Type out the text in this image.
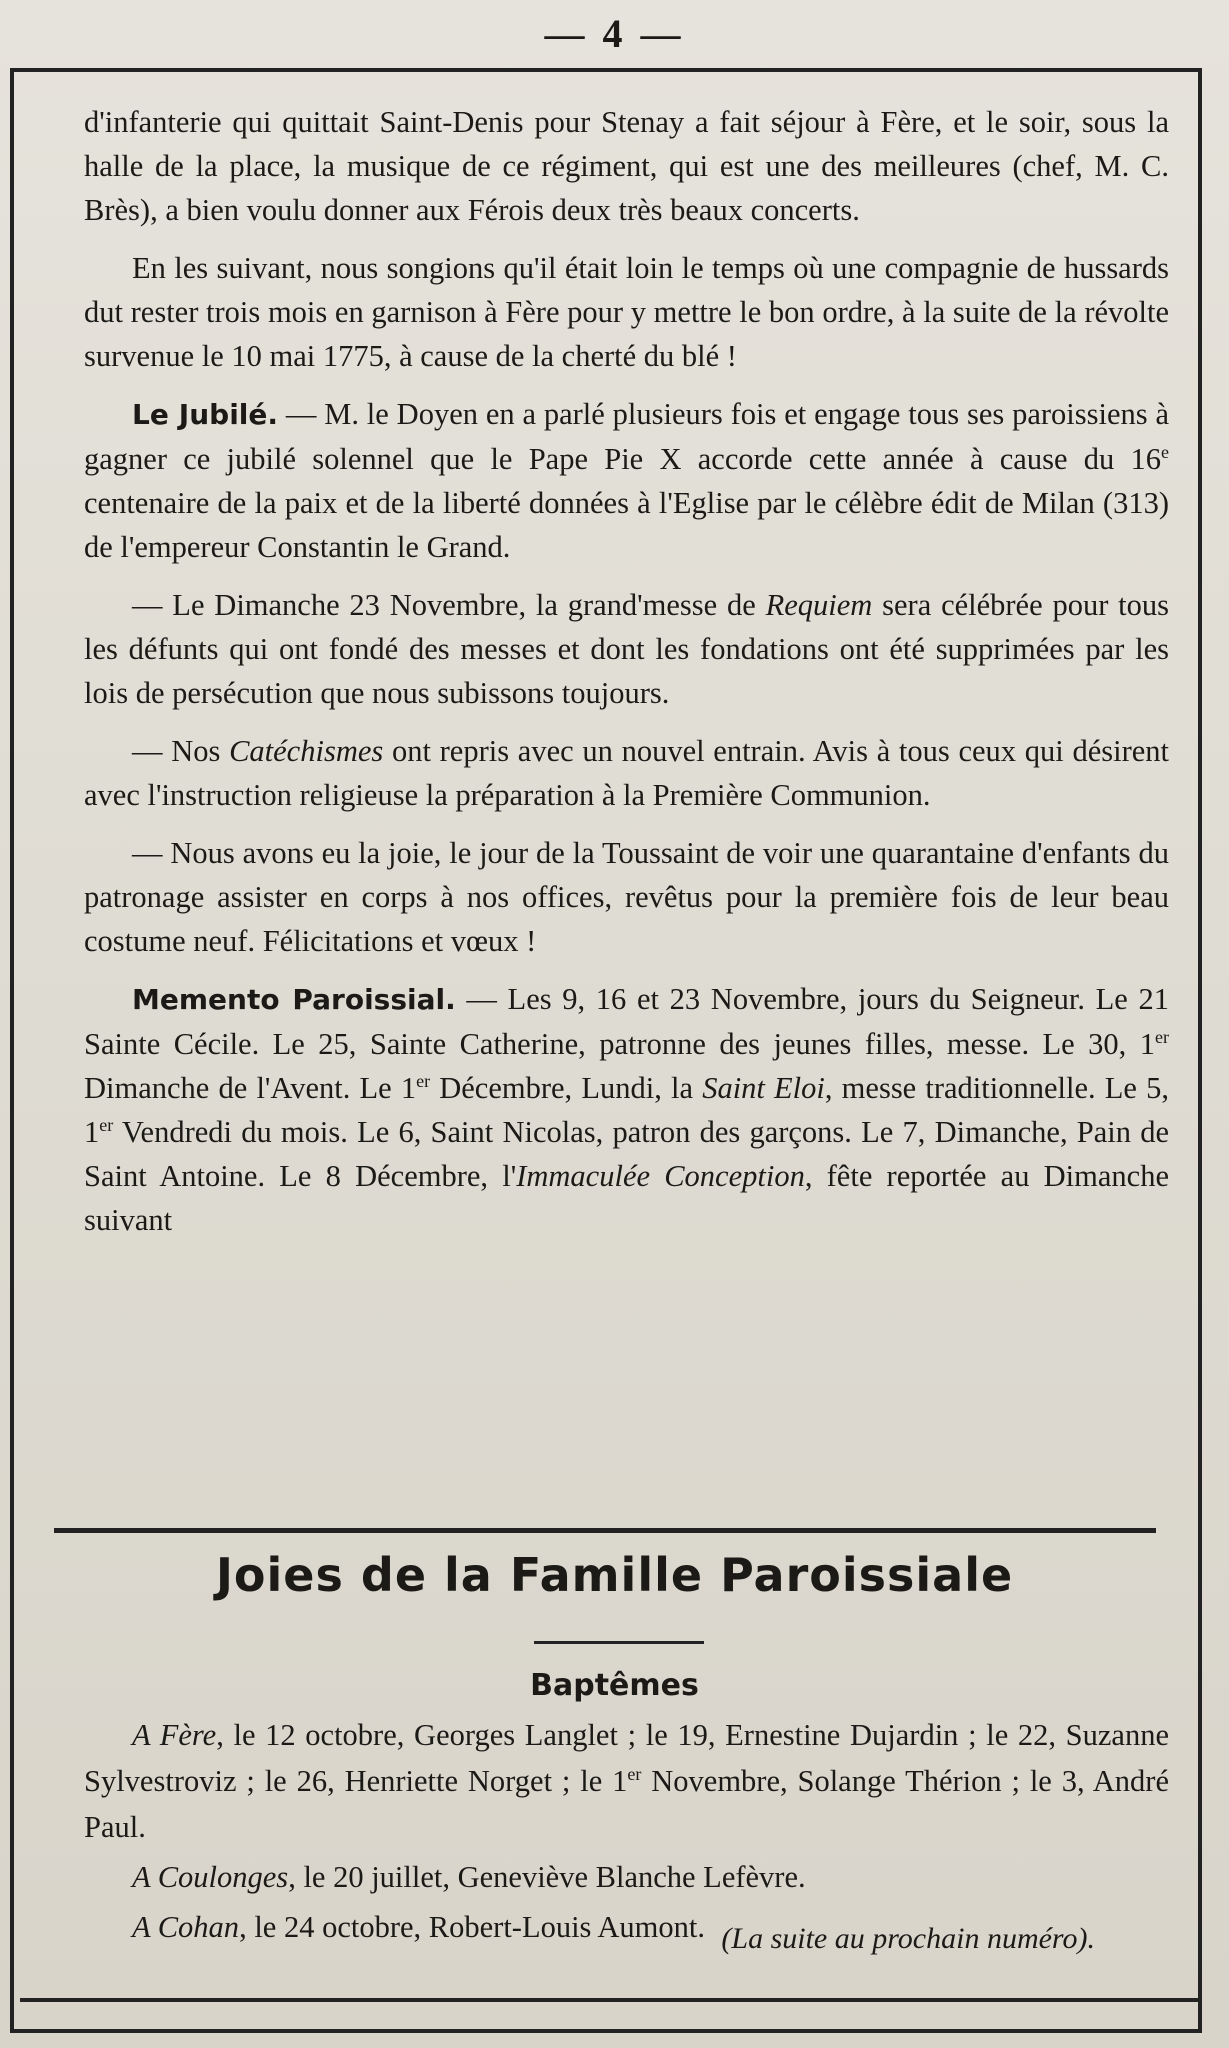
— 4 —

d'infanterie qui quittait Saint-Denis pour Stenay a fait séjour à Fère, et le soir, sous la halle de la place, la musique de ce régiment, qui est une des meilleures (chef, M. C. Brès), a bien voulu donner aux Férois deux très beaux concerts.

En les suivant, nous songions qu'il était loin le temps où une compagnie de hussards dut rester trois mois en garnison à Fère pour y mettre le bon ordre, à la suite de la révolte survenue le 10 mai 1775, à cause de la cherté du blé !

Le Jubilé. — M. le Doyen en a parlé plusieurs fois et engage tous ses paroissiens à gagner ce jubilé solennel que le Pape Pie X accorde cette année à cause du 16e centenaire de la paix et de la liberté données à l'Eglise par le célèbre édit de Milan (313) de l'empereur Constantin le Grand.

— Le Dimanche 23 Novembre, la grand'messe de Requiem sera célébrée pour tous les défunts qui ont fondé des messes et dont les fondations ont été supprimées par les lois de persécution que nous subissons toujours.

— Nos Catéchismes ont repris avec un nouvel entrain. Avis à tous ceux qui désirent avec l'instruction religieuse la préparation à la Première Communion.

— Nous avons eu la joie, le jour de la Toussaint de voir une quarantaine d'enfants du patronage assister en corps à nos offices, revêtus pour la première fois de leur beau costume neuf. Félicitations et vœux !

Memento Paroissial. — Les 9, 16 et 23 Novembre, jours du Seigneur. Le 21 Sainte Cécile. Le 25, Sainte Catherine, patronne des jeunes filles, messe. Le 30, 1er Dimanche de l'Avent. Le 1er Décembre, Lundi, la Saint Eloi, messe traditionnelle. Le 5, 1er Vendredi du mois. Le 6, Saint Nicolas, patron des garçons. Le 7, Dimanche, Pain de Saint Antoine. Le 8 Décembre, l'Immaculée Conception, fête reportée au Dimanche suivant

Joies de la Famille Paroissiale
Baptêmes

A Fère, le 12 octobre, Georges Langlet ; le 19, Ernestine Dujardin ; le 22, Suzanne Sylvestroviz ; le 26, Henriette Norget ; le 1er Novembre, Solange Thérion ; le 3, André Paul.

A Coulonges, le 20 juillet, Geneviève Blanche Lefèvre.

A Cohan, le 24 octobre, Robert-Louis Aumont. (La suite au prochain numéro).
